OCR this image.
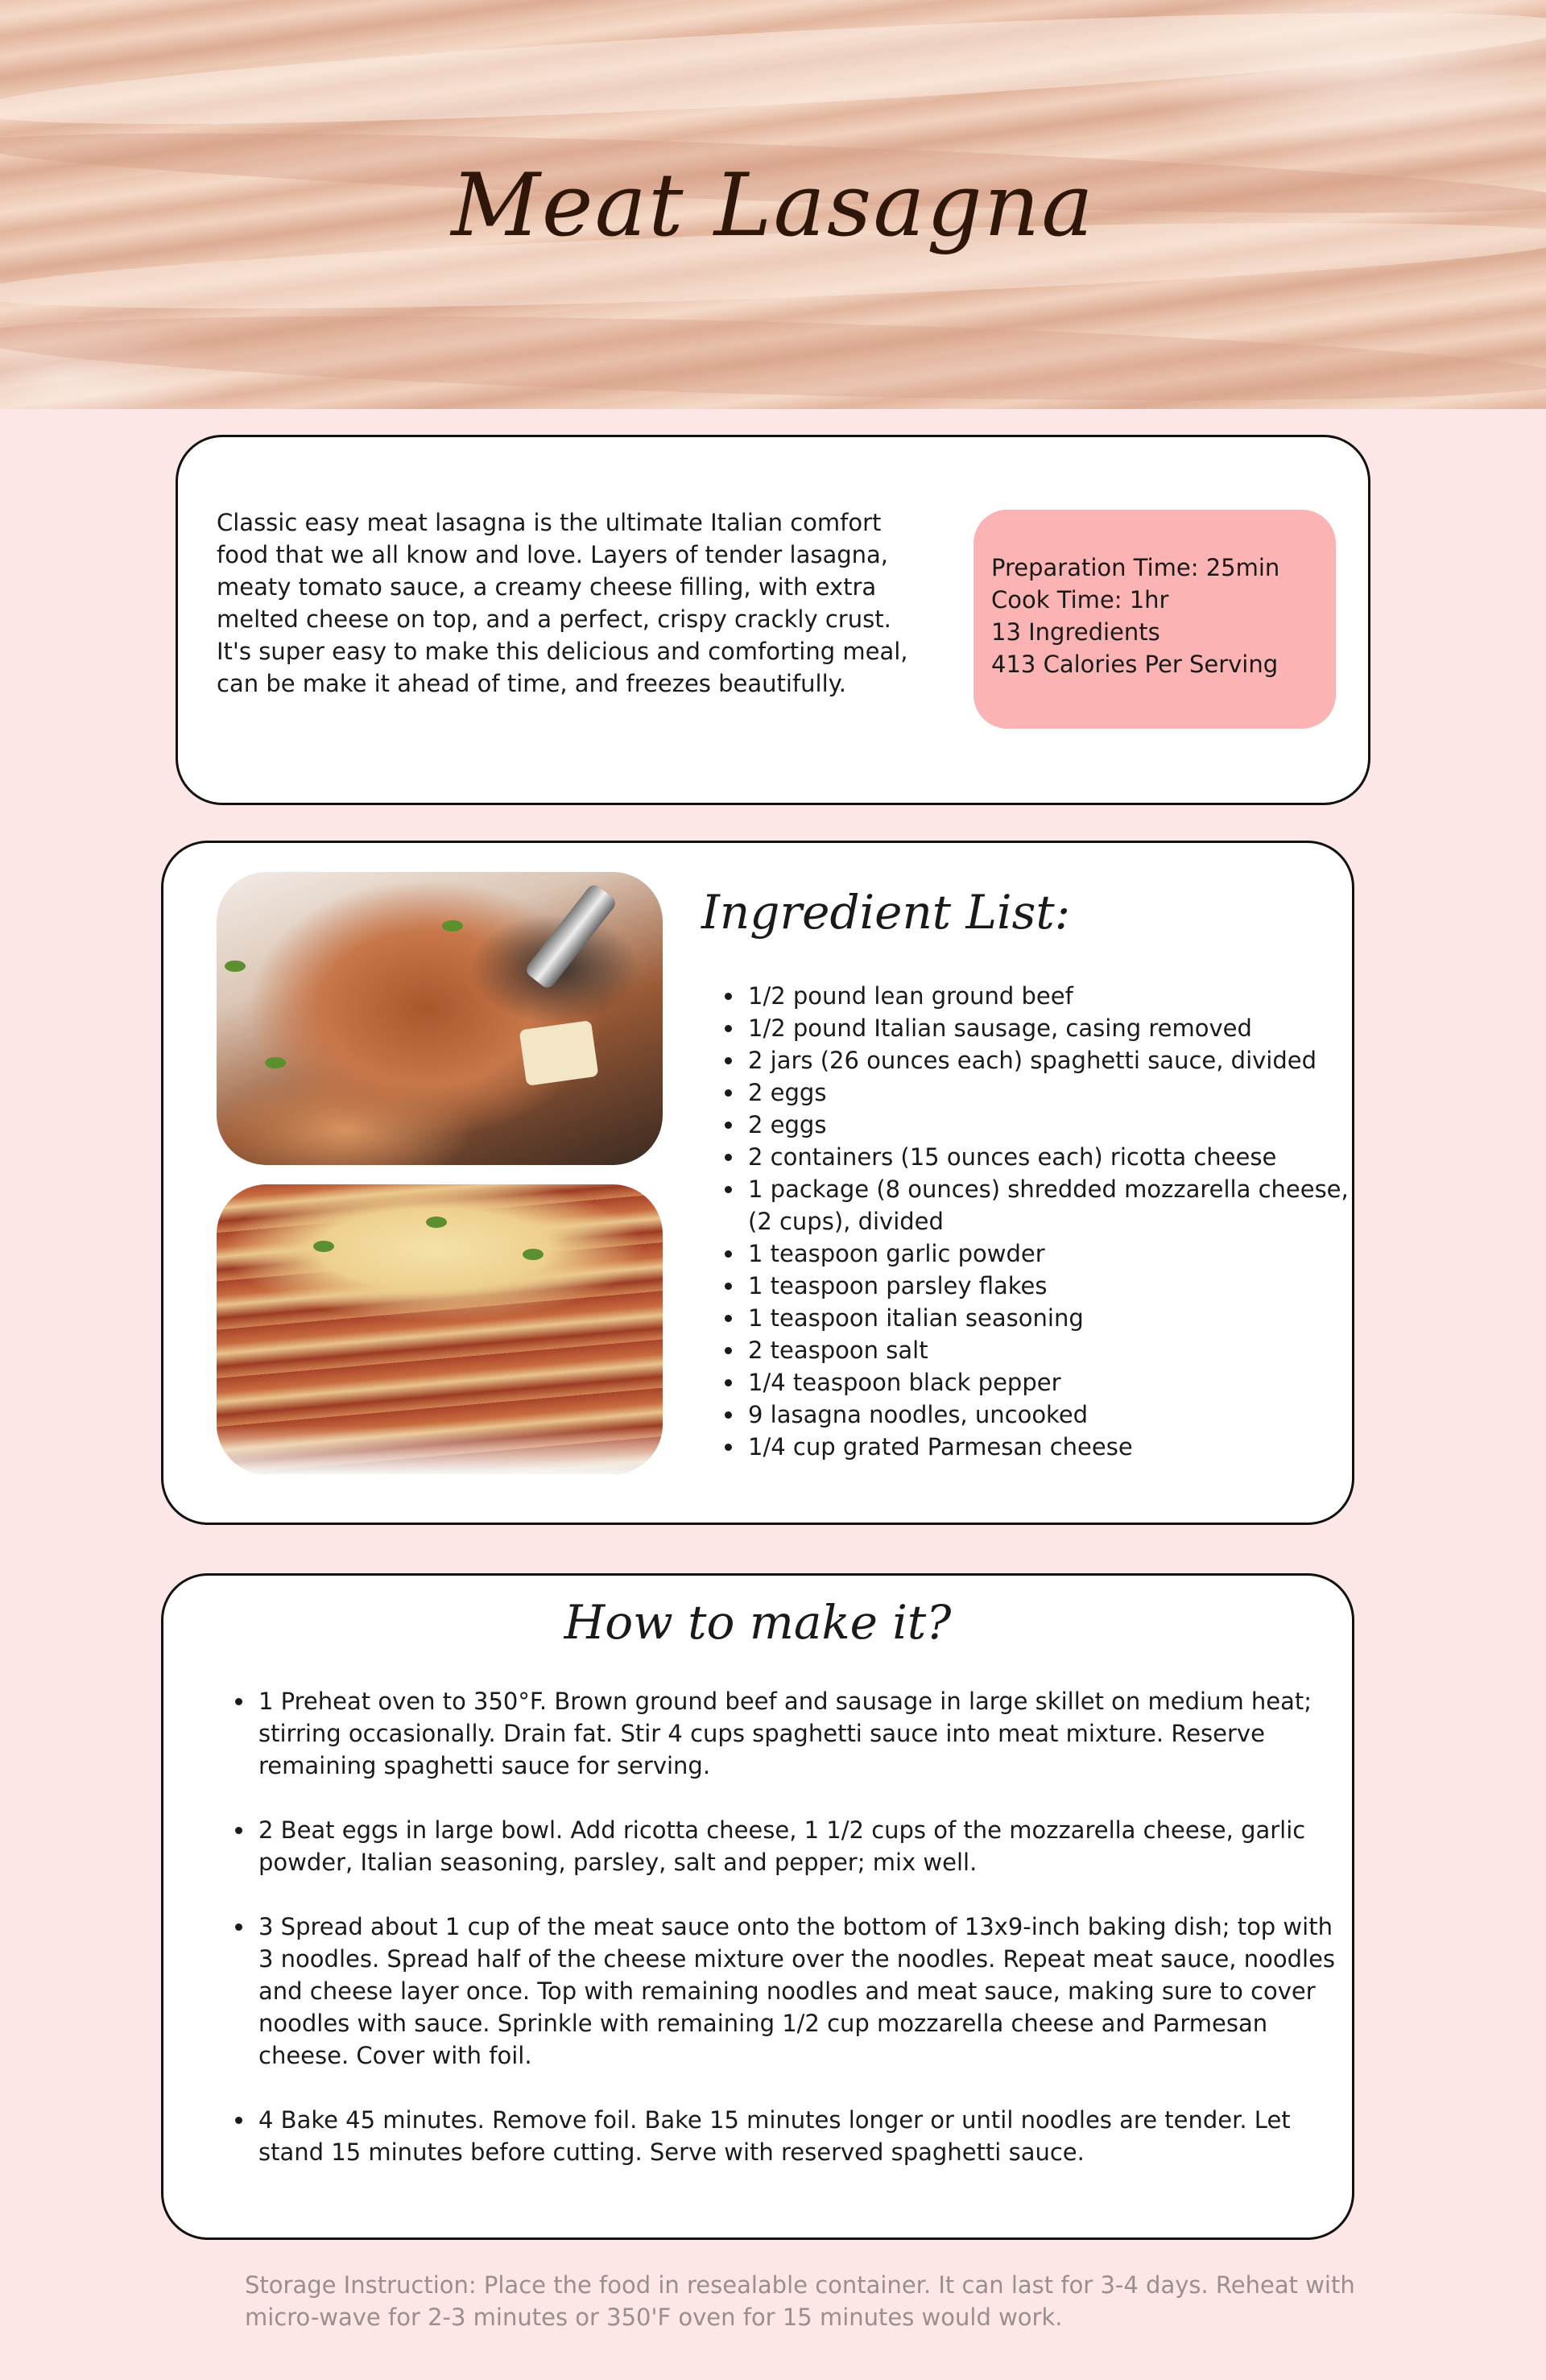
Meat Lasagna

Classic easy meat lasagna is the ultimate Italian comfort food that we all know and love. Layers of tender lasagna, meaty tomato sauce, a creamy cheese filling, with extra melted cheese on top, and a perfect, crispy crackly crust. It's super easy to make this delicious and comforting meal, can be make it ahead of time, and freezes beautifully.

Preparation Time: 25min
Cook Time: 1hr
13 Ingredients
413 Calories Per Serving
Ingredient List:
• 1/2 pound lean ground beef
• 1/2 pound Italian sausage, casing removed
• 2 jars (26 ounces each) spaghetti sauce, divided
• 2 eggs
• 2 eggs
• 2 containers (15 ounces each) ricotta cheese
• 1 package (8 ounces) shredded mozzarella cheese, (2 cups), divided
• 1 teaspoon garlic powder
• 1 teaspoon parsley flakes
• 1 teaspoon italian seasoning
• 2 teaspoon salt
• 1/4 teaspoon black pepper
• 9 lasagna noodles, uncooked
• 1/4 cup grated Parmesan cheese
How to make it?
• 1 Preheat oven to 350°F. Brown ground beef and sausage in large skillet on medium heat; stirring occasionally. Drain fat. Stir 4 cups spaghetti sauce into meat mixture. Reserve remaining spaghetti sauce for serving.
• 2 Beat eggs in large bowl. Add ricotta cheese, 1 1/2 cups of the mozzarella cheese, garlic powder, Italian seasoning, parsley, salt and pepper; mix well.
• 3 Spread about 1 cup of the meat sauce onto the bottom of 13x9-inch baking dish; top with 3 noodles. Spread half of the cheese mixture over the noodles. Repeat meat sauce, noodles and cheese layer once. Top with remaining noodles and meat sauce, making sure to cover noodles with sauce. Sprinkle with remaining 1/2 cup mozzarella cheese and Parmesan cheese. Cover with foil.
• 4 Bake 45 minutes. Remove foil. Bake 15 minutes longer or until noodles are tender. Let stand 15 minutes before cutting. Serve with reserved spaghetti sauce.

Storage Instruction: Place the food in resealable container. It can last for 3-4 days. Reheat with micro-wave for 2-3 minutes or 350'F oven for 15 minutes would work.
